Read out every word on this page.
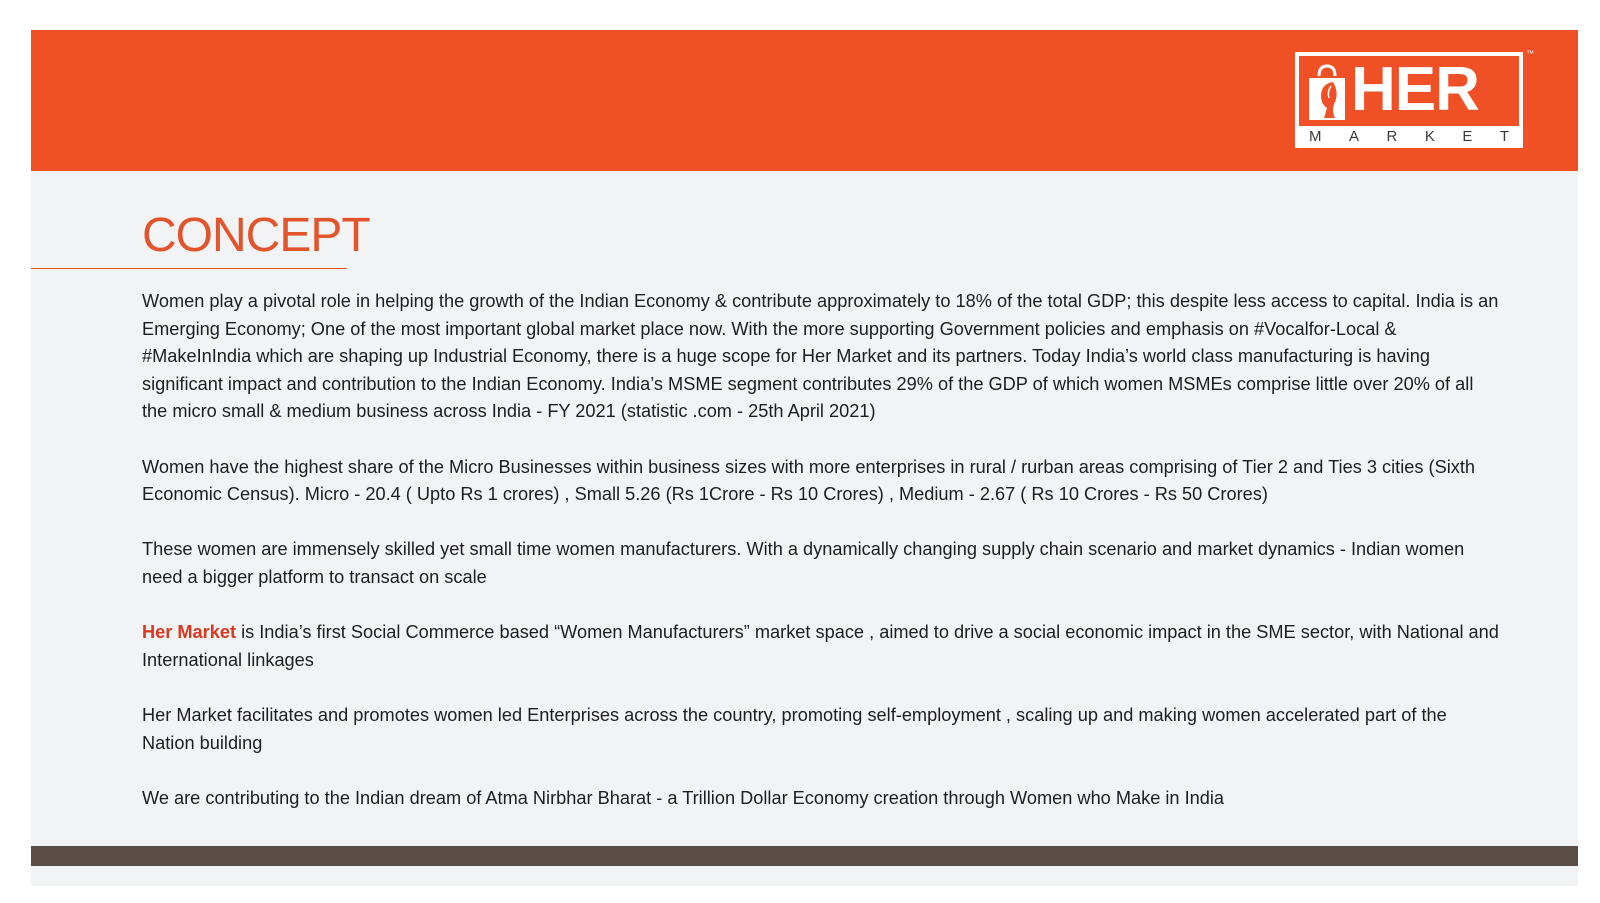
HER
M A R K E T
™
CONCEPT

Women play a pivotal role in helping the growth of the Indian Economy & contribute approximately to 18% of the total GDP; this despite less access to capital. India is an Emerging Economy; One of the most important global market place now. With the more supporting Government policies and emphasis on #Vocalfor-Local & #MakeInIndia which are shaping up Industrial Economy, there is a huge scope for Her Market and its partners. Today India’s world class manufacturing is having significant impact and contribution to the Indian Economy. India’s MSME segment contributes 29% of the GDP of which women MSMEs comprise little over 20% of all the micro small & medium business across India - FY 2021 (statistic .com - 25th April 2021)

Women have the highest share of the Micro Businesses within business sizes with more enterprises in rural / rurban areas comprising of Tier 2 and Ties 3 cities (Sixth Economic Census). Micro - 20.4 ( Upto Rs 1 crores) , Small 5.26 (Rs 1Crore - Rs 10 Crores) , Medium - 2.67 ( Rs 10 Crores - Rs 50 Crores)

These women are immensely skilled yet small time women manufacturers. With a dynamically changing supply chain scenario and market dynamics - Indian women need a bigger platform to transact on scale

Her Market is India’s first Social Commerce based “Women Manufacturers” market space , aimed to drive a social economic impact in the SME sector, with National and International linkages

Her Market facilitates and promotes women led Enterprises across the country, promoting self-employment , scaling up and making women accelerated part of the Nation building

We are contributing to the Indian dream of Atma Nirbhar Bharat - a Trillion Dollar Economy creation through Women who Make in India
